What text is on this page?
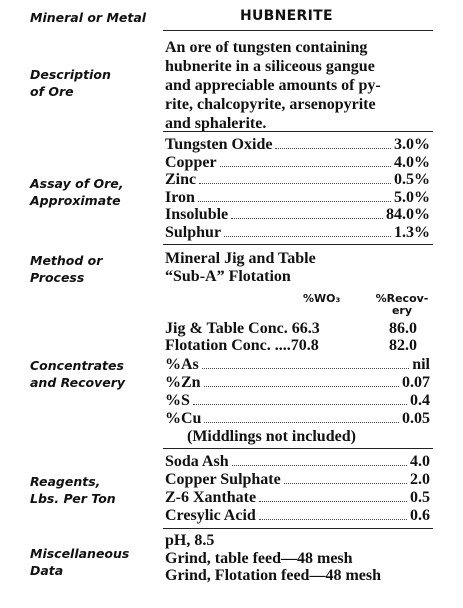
Mineral or Metal	HUBNERITE
Description
of Ore
An ore of tungsten containing
hubnerite in a siliceous gangue
and appreciable amounts of py-
rite, chalcopyrite, arsenopyrite
and sphalerite.
Assay of Ore,
Approximate
Tungsten Oxide	3.0%
Copper	4.0%
Zinc	0.5%
Iron	5.0%
Insoluble	84.0%
Sulphur	1.3%
Method or
Process
Mineral Jig and Table
“Sub-A” Flotation
%WO₃	%Recov-
ery
Jig & Table Conc. 66.3	86.0
Flotation Conc. ....70.8	82.0
Concentrates
and Recovery
%As	nil
%Zn	0.07
%S	0.4
%Cu	0.05
(Middlings not included)
Reagents,
Lbs. Per Ton
Soda Ash	4.0
Copper Sulphate	2.0
Z-6 Xanthate	0.5
Cresylic Acid	0.6
Miscellaneous
Data
pH, 8.5
Grind, table feed—48 mesh
Grind, Flotation feed—48 mesh
